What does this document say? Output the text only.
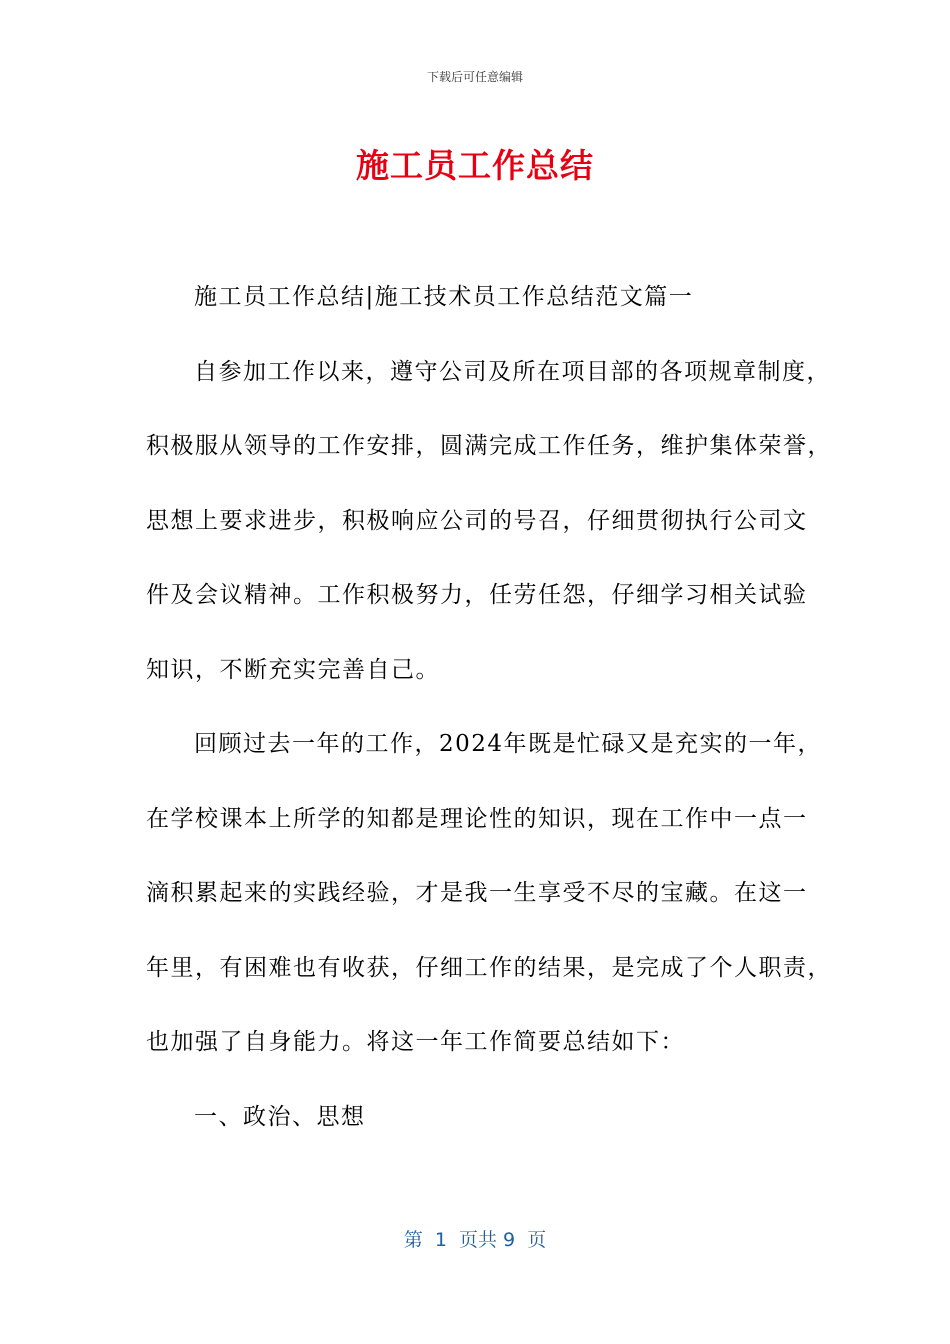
下载后可任意编辑
施工员工作总结

施工员工作总结|施工技术员工作总结范文篇一

自参加工作以来，遵守公司及所在项目部的各项规章制度，

积极服从领导的工作安排，圆满完成工作任务，维护集体荣誉，

思想上要求进步，积极响应公司的号召，仔细贯彻执行公司文

件及会议精神。工作积极努力，任劳任怨，仔细学习相关试验

知识，不断充实完善自己。

回顾过去一年的工作，2024年既是忙碌又是充实的一年，

在学校课本上所学的知都是理论性的知识，现在工作中一点一

滴积累起来的实践经验，才是我一生享受不尽的宝藏。在这一

年里，有困难也有收获，仔细工作的结果，是完成了个人职责，

也加强了自身能力。将这一年工作简要总结如下：

一、政治、思想

第  1  页共 9  页
